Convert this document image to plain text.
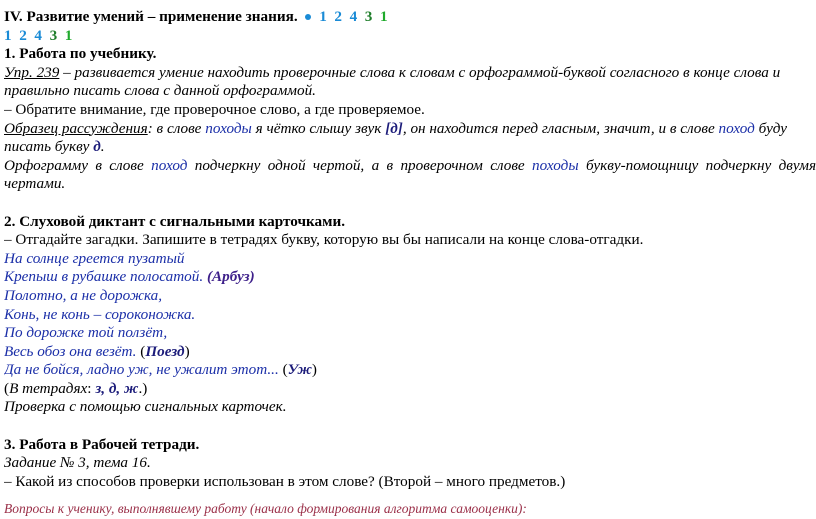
IV. Развитие умений – применение знания. 1 2 4 3 1
1 2 4 3 1
1. Работа по учебнику.
Упр. 239 – развивается умение находить проверочные слова к словам с орфограммой-буквой согласного в конце слова и
правильно писать слова с данной орфограммой.
– Обратите внимание, где проверочное слово, а где проверяемое.
Образец рассуждения: в слове походы я чётко слышу звук [д], он находится перед гласным, значит, и в слове поход буду
писать букву д.
Орфограмму в слове поход подчеркну одной чертой, а в проверочном слове походы букву-помощницу подчеркну двумя
чертами.
2. Слуховой диктант с сигнальными карточками.
– Отгадайте загадки. Запишите в тетрадях букву, которую вы бы написали на конце слова-отгадки.
На солнце греется пузатый
Крепыш в рубашке полосатой. (Арбуз)
Полотно, а не дорожка,
Конь, не конь – сороконожка.
По дорожке той ползёт,
Весь обоз она везёт. (Поезд)
Да не бойся, ладно уж, не ужалит этот... (Уж)
(В тетрадях: з, д, ж.)
Проверка с помощью сигнальных карточек.
3. Работа в Рабочей тетради.
Задание № 3, тема 16.
– Какой из способов проверки использован в этом слове? (Второй – много предметов.)
Вопросы к ученику, выполнявшему работу (начало формирования алгоритма самооценки):
